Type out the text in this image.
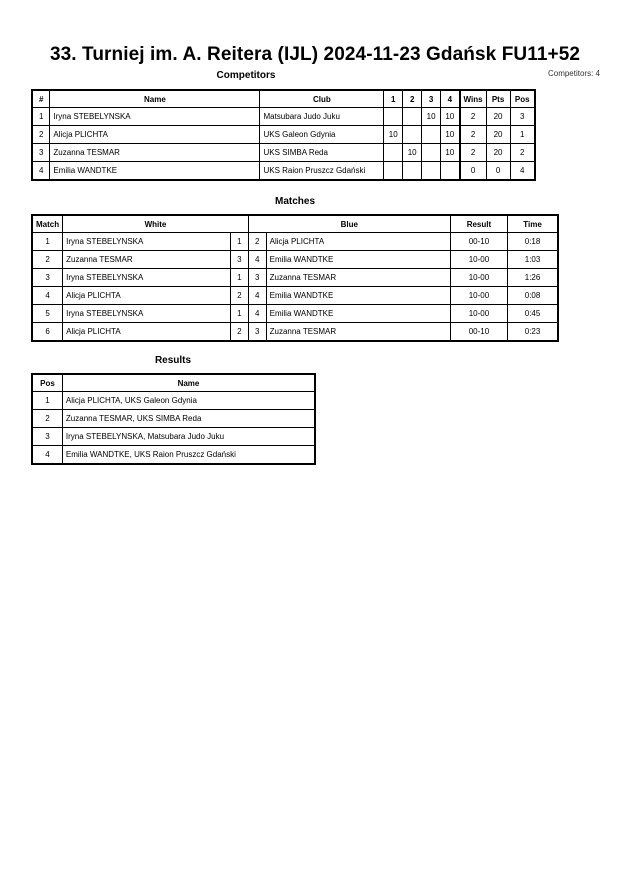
33. Turniej im. A. Reitera (IJL) 2024-11-23 Gdańsk FU11+52
Competitors	Competitors: 4
#	Name	Club	1	2	3	4	Wins	Pts	Pos
1	Iryna STEBELYNSKA	Matsubara Judo Juku			10	10	2	20	3
2	Alicja PLICHTA	UKS Galeon Gdynia	10			10	2	20	1
3	Zuzanna TESMAR	UKS SIMBA Reda		10		10	2	20	2
4	Emilia WANDTKE	UKS Raion Pruszcz Gdański					0	0	4
Matches
Match	White		Blue		Result	Time
1	Iryna STEBELYNSKA	1	2	Alicja PLICHTA	00-10	0:18
2	Zuzanna TESMAR	3	4	Emilia WANDTKE	10-00	1:03
3	Iryna STEBELYNSKA	1	3	Zuzanna TESMAR	10-00	1:26
4	Alicja PLICHTA	2	4	Emilia WANDTKE	10-00	0:08
5	Iryna STEBELYNSKA	1	4	Emilia WANDTKE	10-00	0:45
6	Alicja PLICHTA	2	3	Zuzanna TESMAR	00-10	0:23
Results
Pos	Name
1	Alicja PLICHTA, UKS Galeon Gdynia
2	Zuzanna TESMAR, UKS SIMBA Reda
3	Iryna STEBELYNSKA, Matsubara Judo Juku
4	Emilia WANDTKE, UKS Raion Pruszcz Gdański
